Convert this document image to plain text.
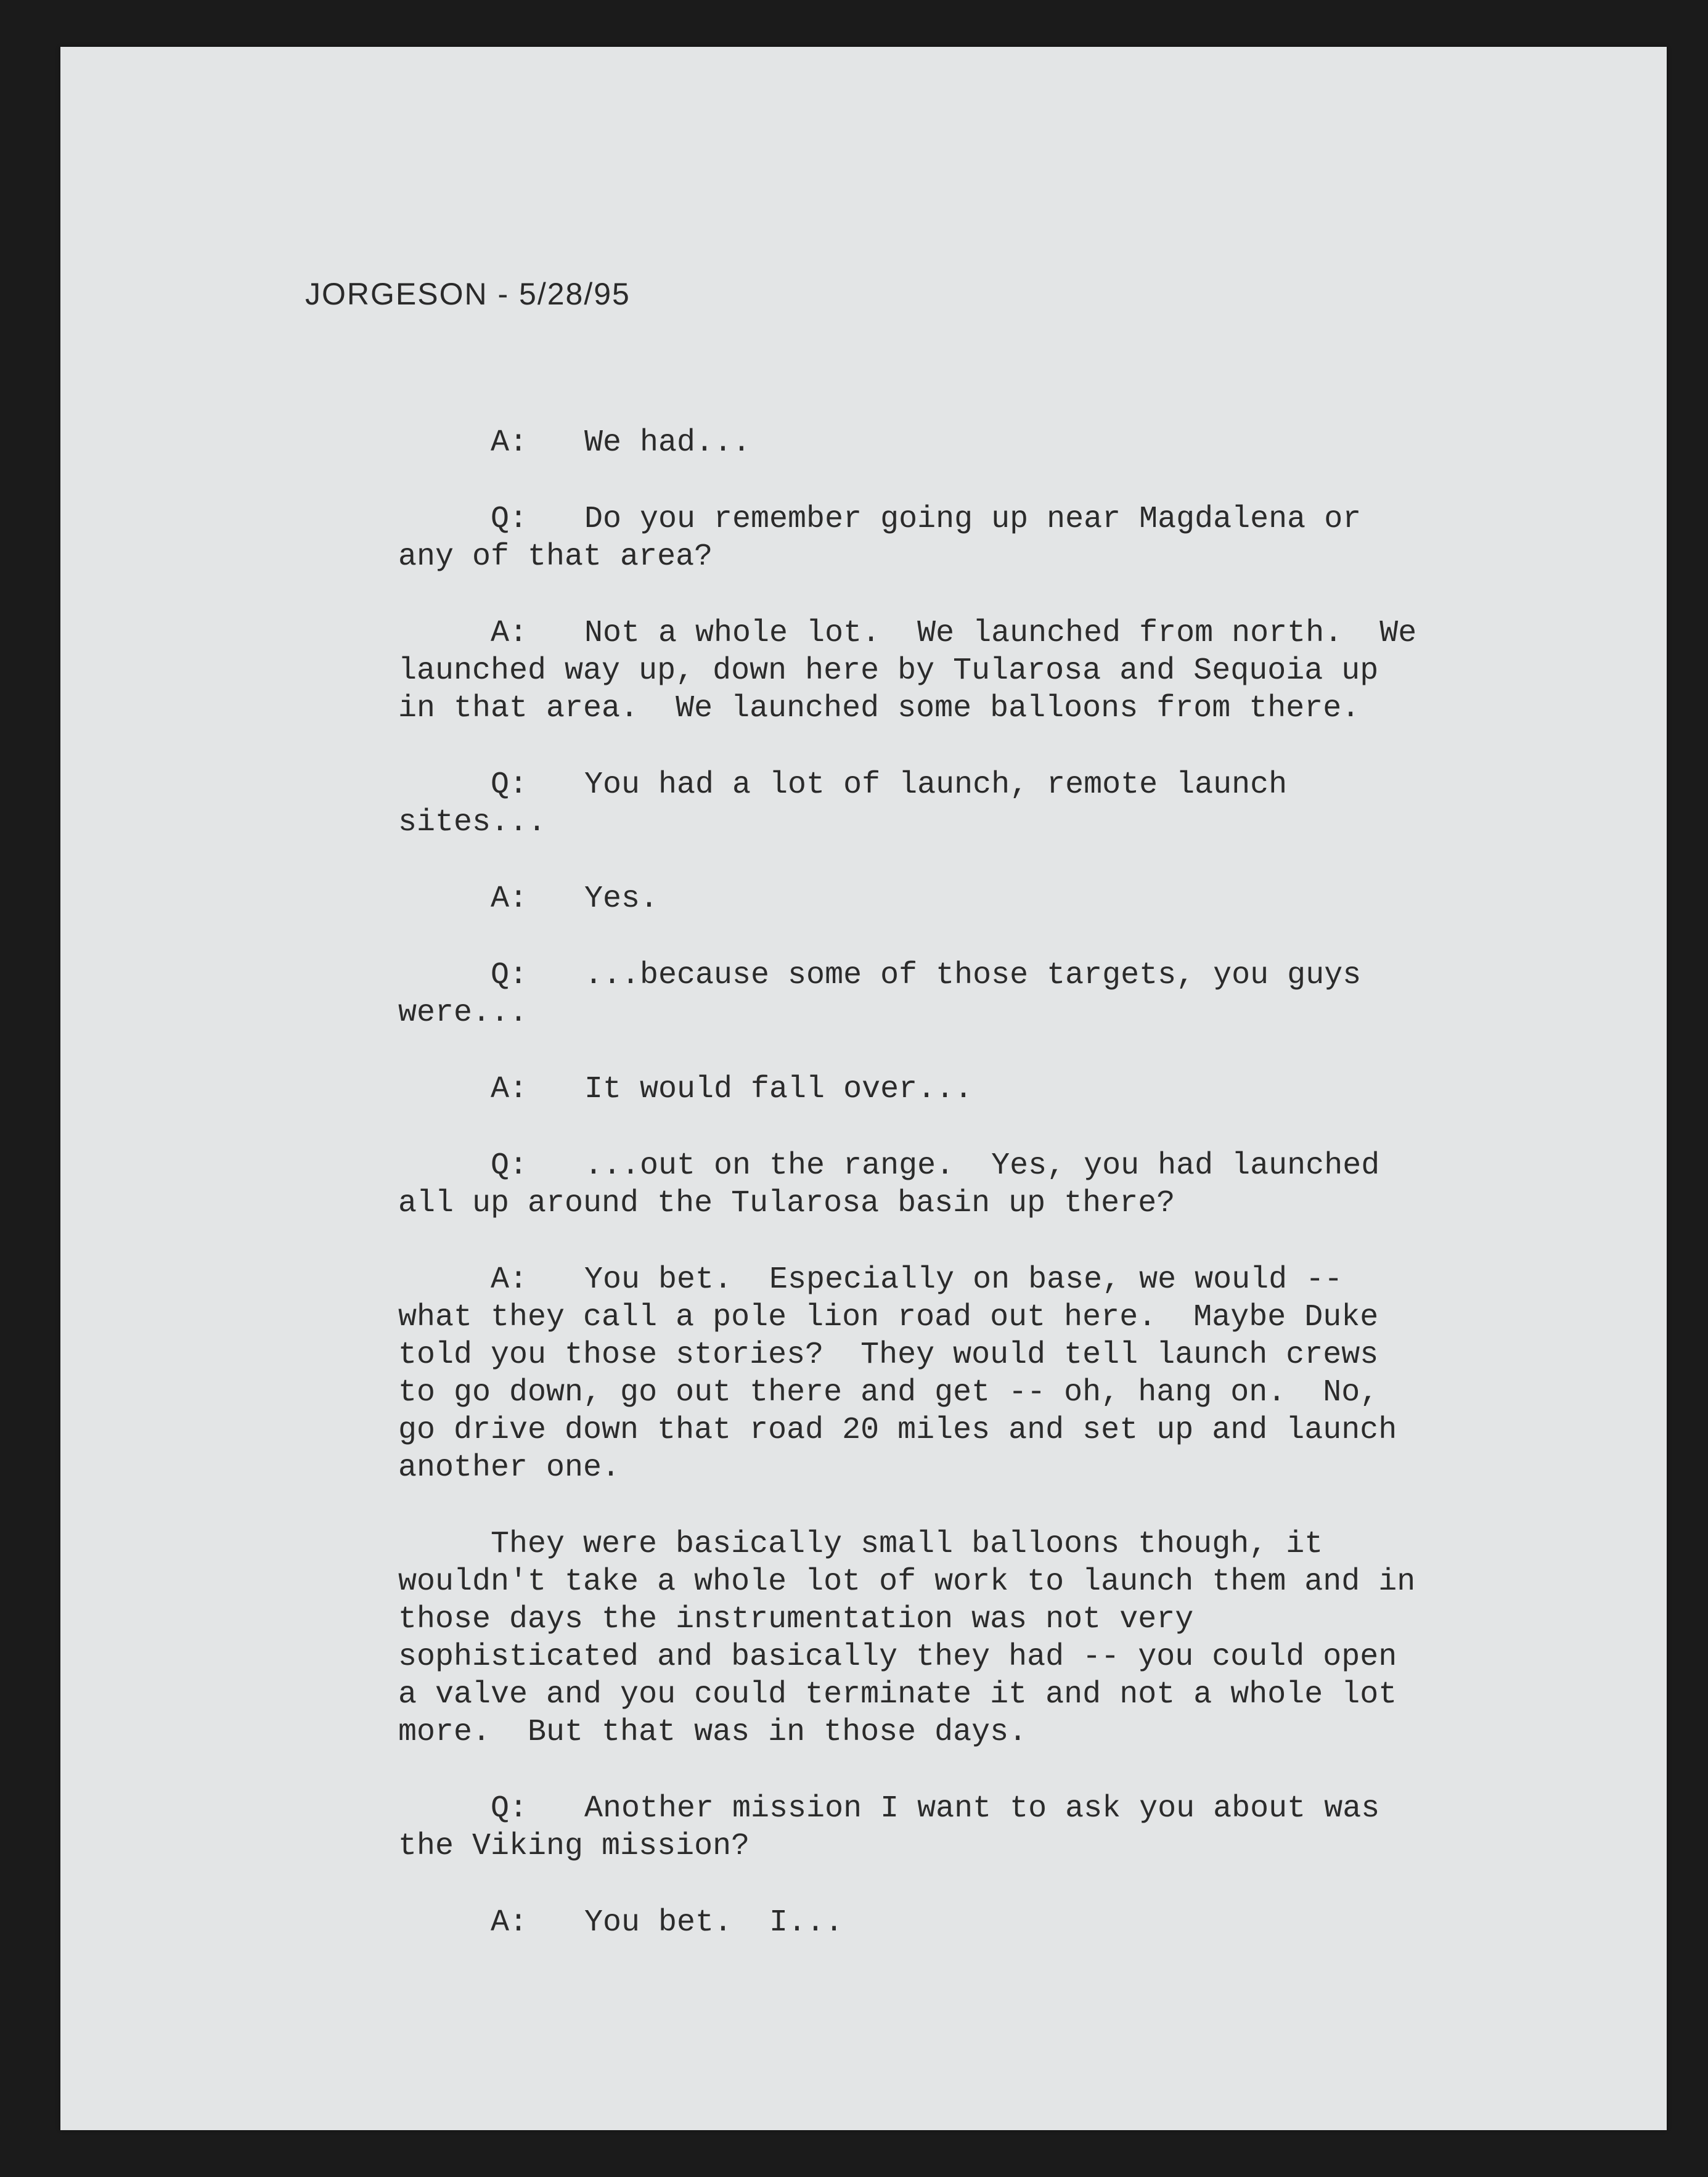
JORGESON - 5/28/95
A: We had...
Q: Do you remember going up near Magdalena or
any of that area?
A: Not a whole lot.  We launched from north.  We
launched way up, down here by Tularosa and Sequoia up
in that area.  We launched some balloons from there.
Q: You had a lot of launch, remote launch
sites...
A: Yes.
Q: ...because some of those targets, you guys
were...
A: It would fall over...
Q: ...out on the range.  Yes, you had launched
all up around the Tularosa basin up there?
A: You bet.  Especially on base, we would --
what they call a pole lion road out here.  Maybe Duke
told you those stories?  They would tell launch crews
to go down, go out there and get -- oh, hang on.  No,
go drive down that road 20 miles and set up and launch
another one.
They were basically small balloons though, it
wouldn't take a whole lot of work to launch them and in
those days the instrumentation was not very
sophisticated and basically they had -- you could open
a valve and you could terminate it and not a whole lot
more.  But that was in those days.
Q: Another mission I want to ask you about was
the Viking mission?
A: You bet.  I...
